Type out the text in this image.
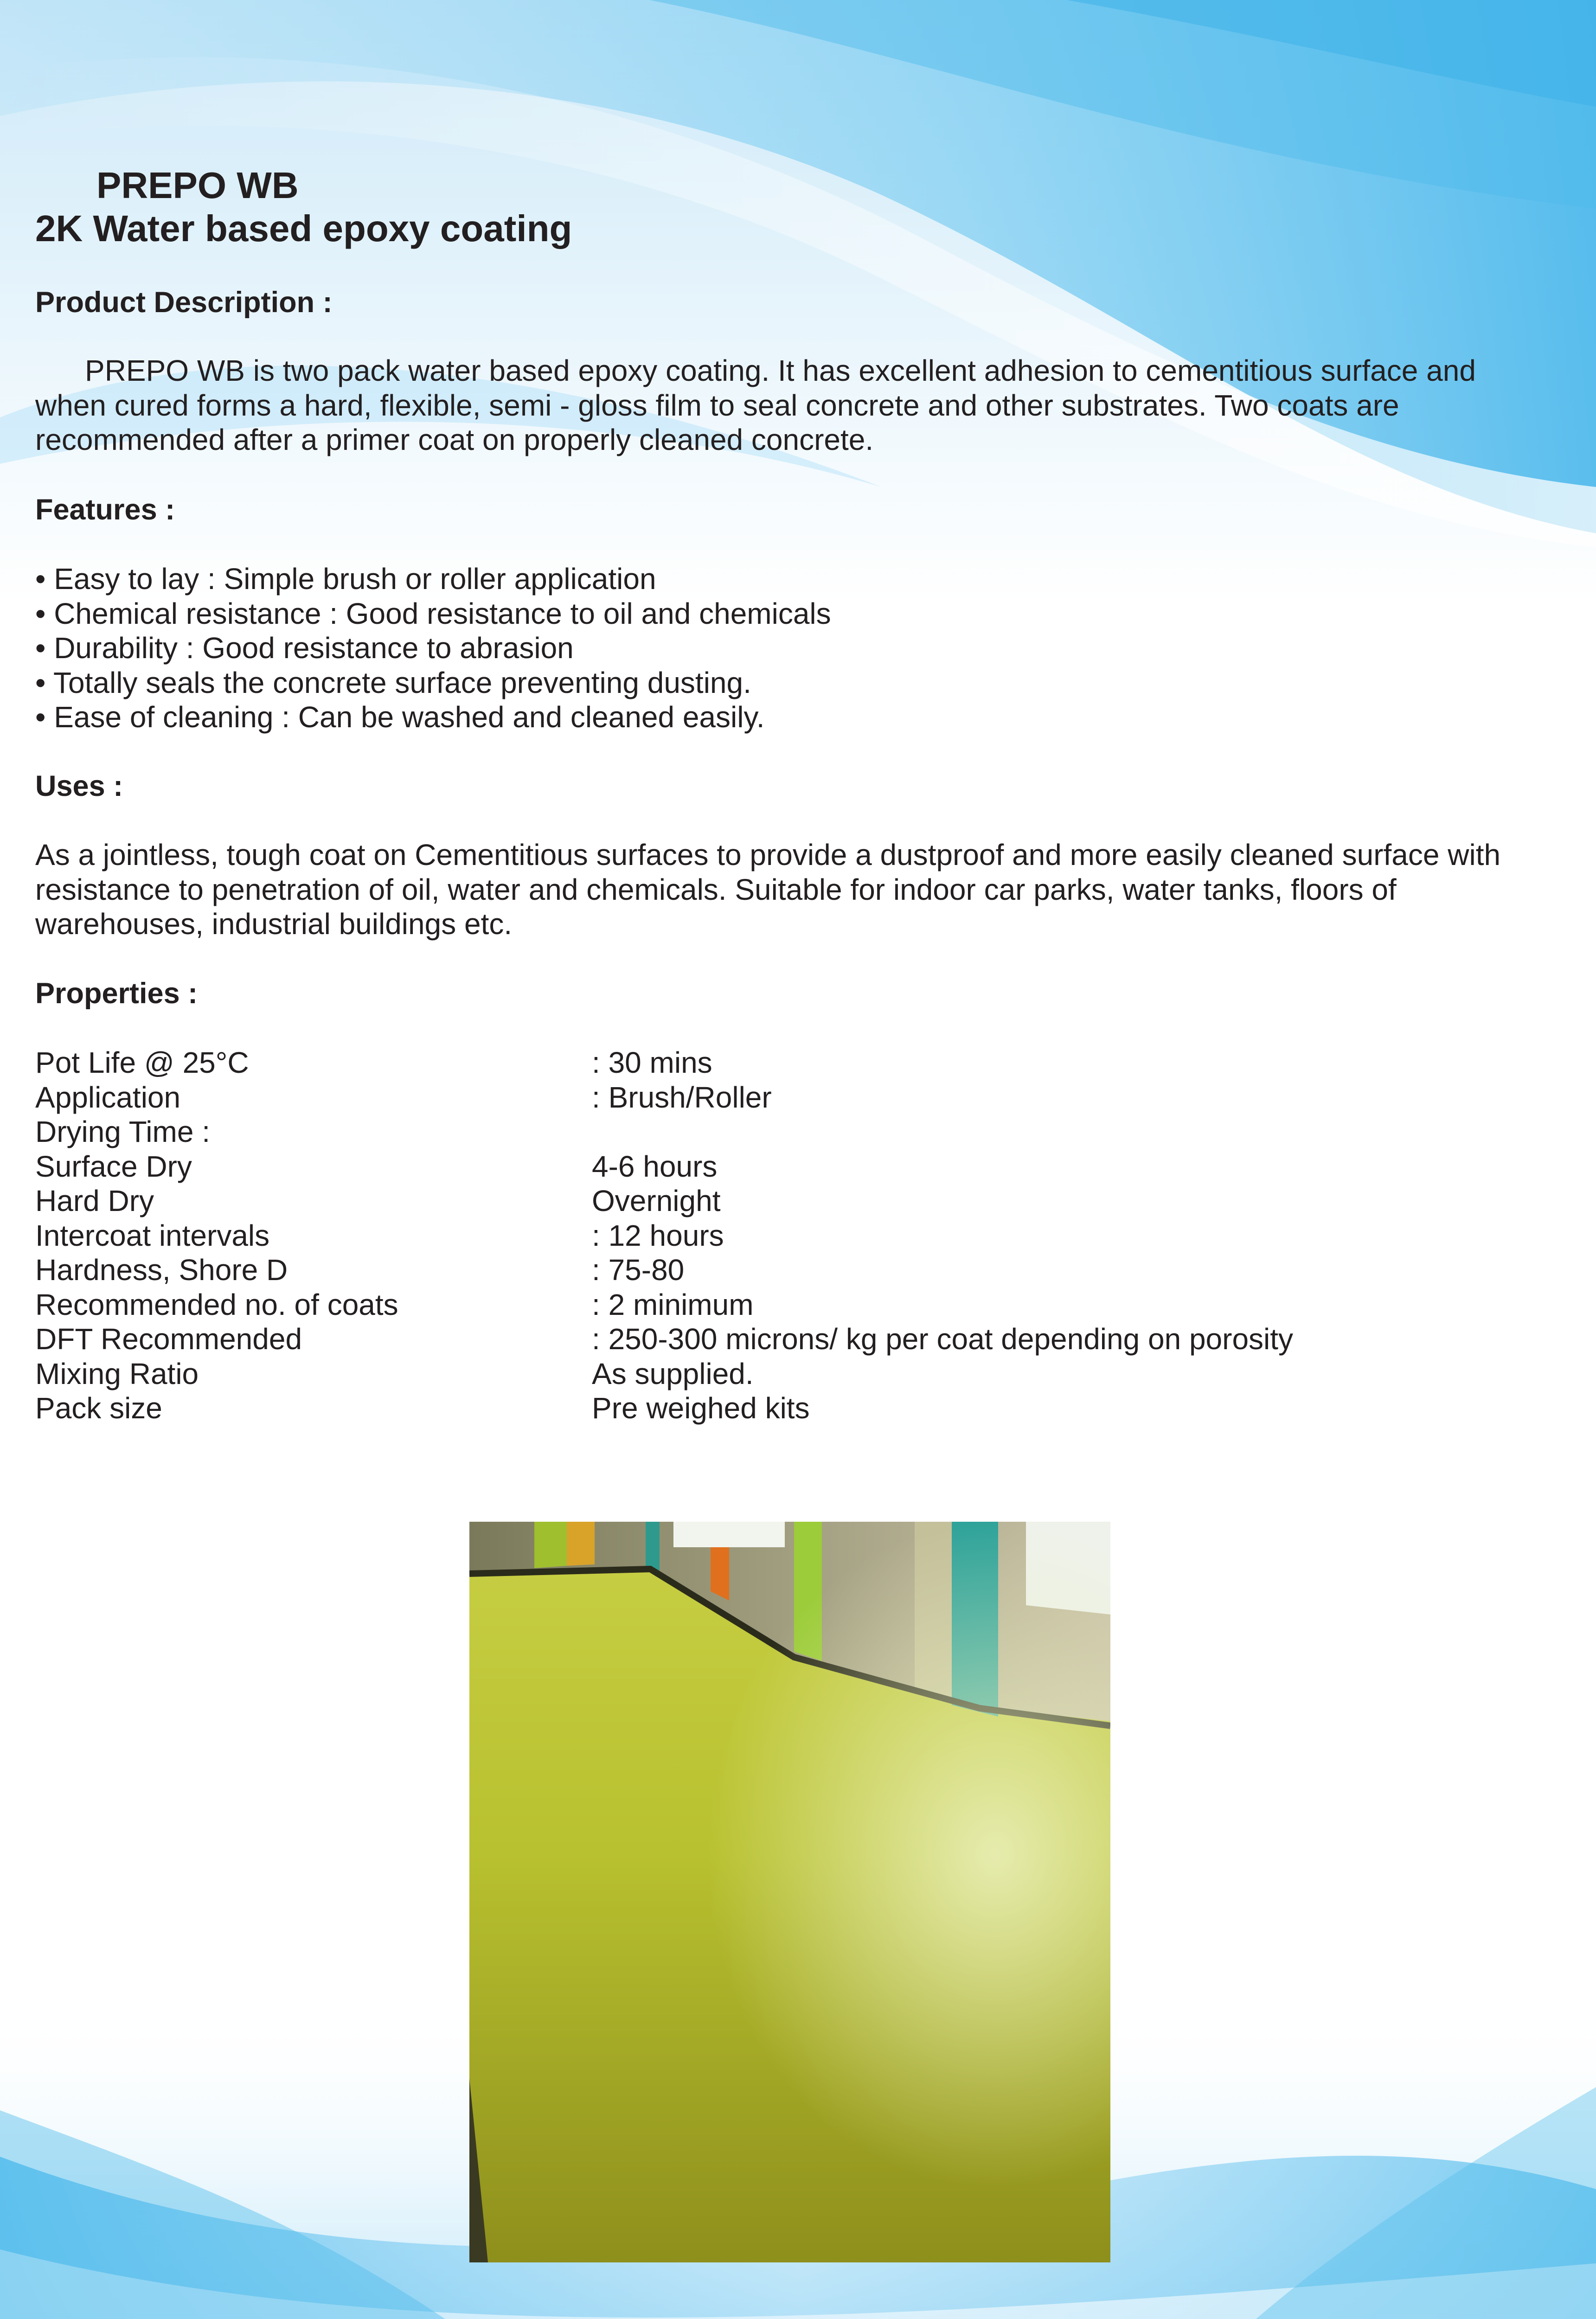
PREPO WB
2K Water based epoxy coating
Product Description :

PREPO WB is two pack water based epoxy coating. It has excellent adhesion to cementitious surface and
when cured forms a hard, flexible, semi - gloss film to seal concrete and other substrates. Two coats are
recommended after a primer coat on properly cleaned concrete.

Features :
• Easy to lay : Simple brush or roller application
• Chemical resistance : Good resistance to oil and chemicals
• Durability : Good resistance to abrasion
• Totally seals the concrete surface preventing dusting.
• Ease of cleaning : Can be washed and cleaned easily.
Uses :

As a jointless, tough coat on Cementitious surfaces to provide a dustproof and more easily cleaned surface with
resistance to penetration of oil, water and chemicals. Suitable for indoor car parks, water tanks, floors of
warehouses, industrial buildings etc.

Properties :
Pot Life @ 25°C	: 30 mins
Application	: Brush/Roller
Drying Time :
Surface Dry	4-6 hours
Hard Dry	Overnight
Intercoat intervals	: 12 hours
Hardness, Shore D	: 75-80
Recommended no. of coats	: 2 minimum
DFT Recommended	: 250-300 microns/ kg per coat depending on porosity
Mixing Ratio	As supplied.
Pack size	Pre weighed kits
